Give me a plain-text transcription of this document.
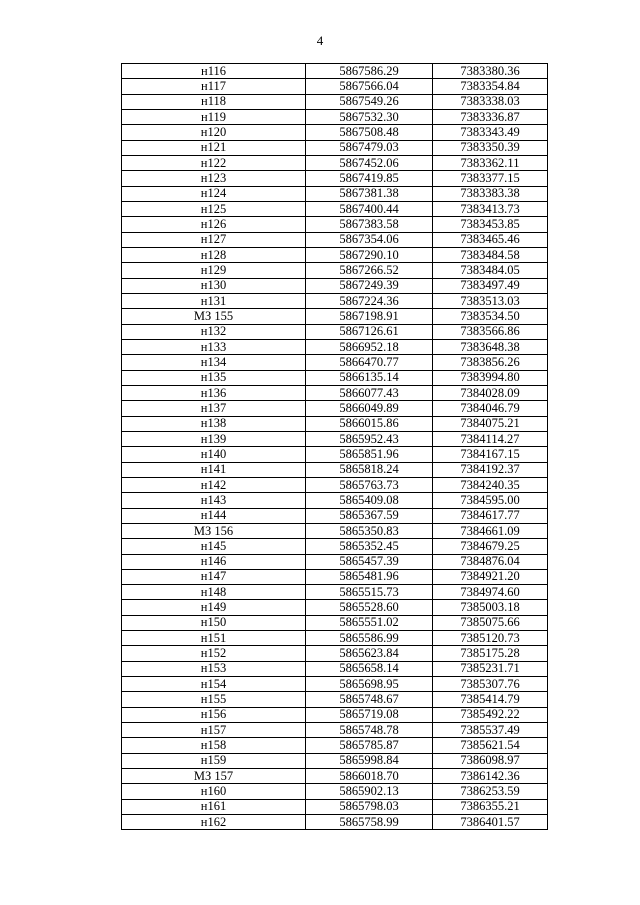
4
н116	5867586.29	7383380.36
н117	5867566.04	7383354.84
н118	5867549.26	7383338.03
н119	5867532.30	7383336.87
н120	5867508.48	7383343.49
н121	5867479.03	7383350.39
н122	5867452.06	7383362.11
н123	5867419.85	7383377.15
н124	5867381.38	7383383.38
н125	5867400.44	7383413.73
н126	5867383.58	7383453.85
н127	5867354.06	7383465.46
н128	5867290.10	7383484.58
н129	5867266.52	7383484.05
н130	5867249.39	7383497.49
н131	5867224.36	7383513.03
МЗ 155	5867198.91	7383534.50
н132	5867126.61	7383566.86
н133	5866952.18	7383648.38
н134	5866470.77	7383856.26
н135	5866135.14	7383994.80
н136	5866077.43	7384028.09
н137	5866049.89	7384046.79
н138	5866015.86	7384075.21
н139	5865952.43	7384114.27
н140	5865851.96	7384167.15
н141	5865818.24	7384192.37
н142	5865763.73	7384240.35
н143	5865409.08	7384595.00
н144	5865367.59	7384617.77
МЗ 156	5865350.83	7384661.09
н145	5865352.45	7384679.25
н146	5865457.39	7384876.04
н147	5865481.96	7384921.20
н148	5865515.73	7384974.60
н149	5865528.60	7385003.18
н150	5865551.02	7385075.66
н151	5865586.99	7385120.73
н152	5865623.84	7385175.28
н153	5865658.14	7385231.71
н154	5865698.95	7385307.76
н155	5865748.67	7385414.79
н156	5865719.08	7385492.22
н157	5865748.78	7385537.49
н158	5865785.87	7385621.54
н159	5865998.84	7386098.97
МЗ 157	5866018.70	7386142.36
н160	5865902.13	7386253.59
н161	5865798.03	7386355.21
н162	5865758.99	7386401.57
